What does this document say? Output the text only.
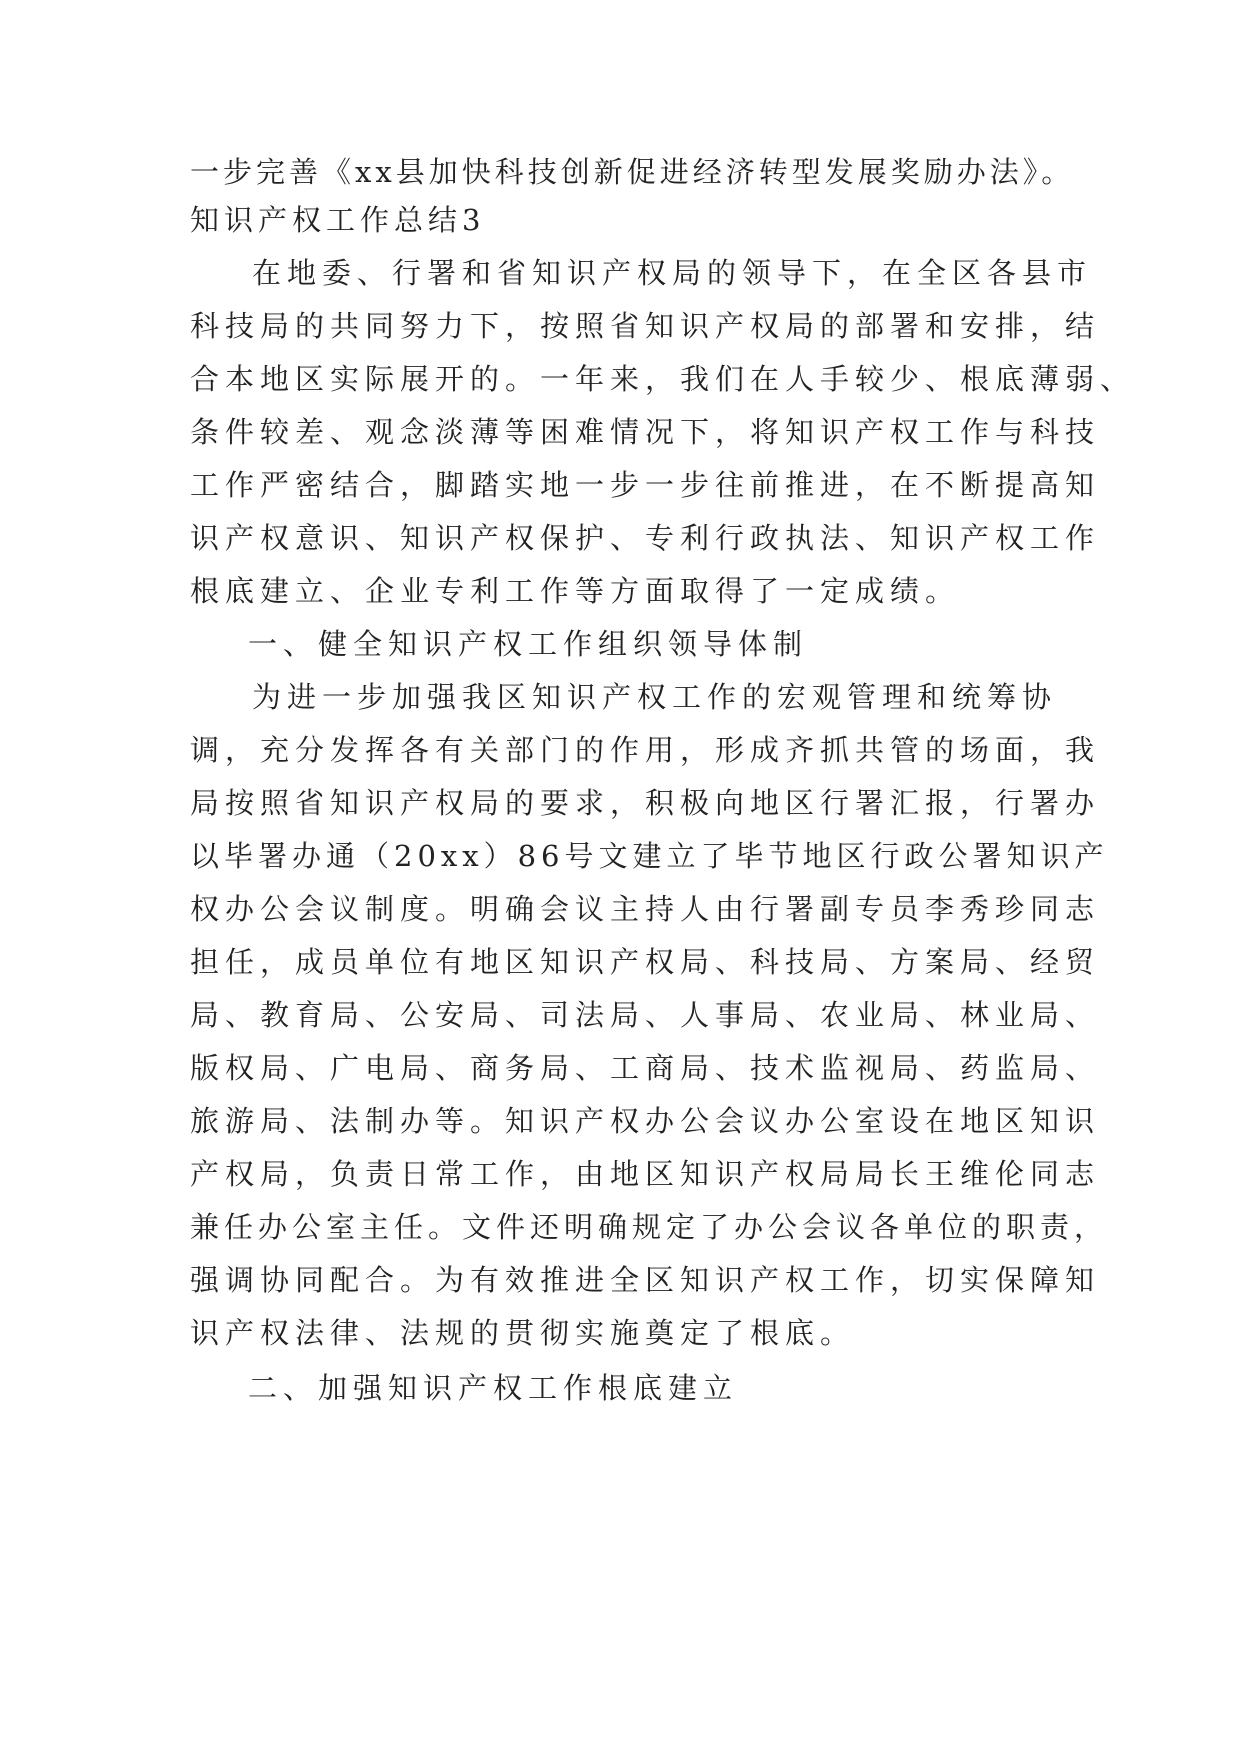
一步完善《xx县加快科技创新促进经济转型发展奖励办法》。

知识产权工作总结3

在地委、行署和省知识产权局的领导下，在全区各县市

科技局的共同努力下，按照省知识产权局的部署和安排，结

合本地区实际展开的。一年来，我们在人手较少、根底薄弱、

条件较差、观念淡薄等困难情况下，将知识产权工作与科技

工作严密结合，脚踏实地一步一步往前推进，在不断提高知

识产权意识、知识产权保护、专利行政执法、知识产权工作

根底建立、企业专利工作等方面取得了一定成绩。

一、健全知识产权工作组织领导体制

为进一步加强我区知识产权工作的宏观管理和统筹协

调，充分发挥各有关部门的作用，形成齐抓共管的场面，我

局按照省知识产权局的要求，积极向地区行署汇报，行署办

以毕署办通（20xx）86号文建立了毕节地区行政公署知识产

权办公会议制度。明确会议主持人由行署副专员李秀珍同志

担任，成员单位有地区知识产权局、科技局、方案局、经贸

局、教育局、公安局、司法局、人事局、农业局、林业局、

版权局、广电局、商务局、工商局、技术监视局、药监局、

旅游局、法制办等。知识产权办公会议办公室设在地区知识

产权局，负责日常工作，由地区知识产权局局长王维伦同志

兼任办公室主任。文件还明确规定了办公会议各单位的职责，

强调协同配合。为有效推进全区知识产权工作，切实保障知

识产权法律、法规的贯彻实施奠定了根底。

二、加强知识产权工作根底建立
